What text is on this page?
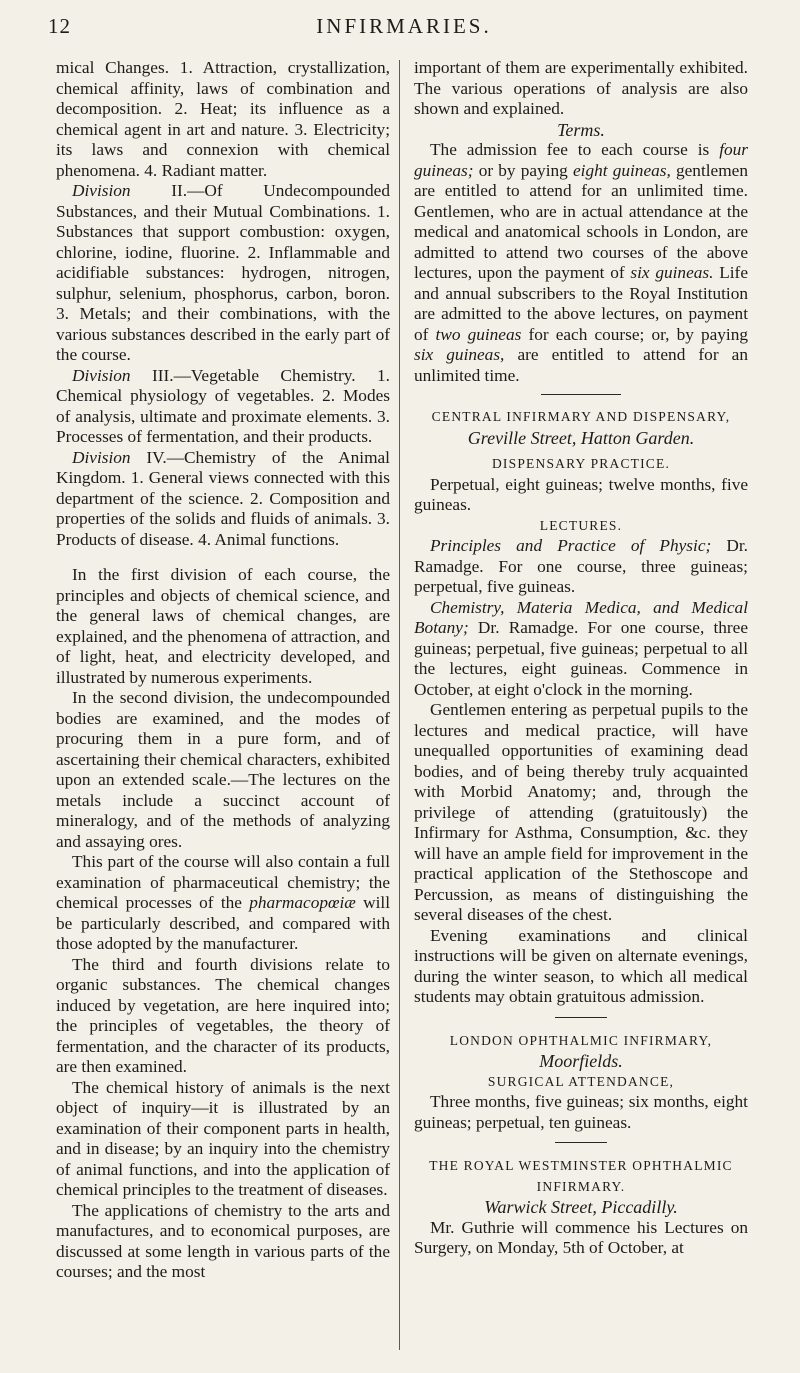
12	INFIRMARIES.

mical Changes. 1. Attraction, crystallization, chemical affinity, laws of combination and decomposition. 2. Heat; its influence as a chemical agent in art and nature. 3. Electricity; its laws and connexion with chemical phenomena. 4. Radiant matter.

Division II.—Of Undecompounded Substances, and their Mutual Combinations. 1. Substances that support combustion: oxygen, chlorine, iodine, fluorine. 2. Inflammable and acidifiable substances: hydrogen, nitrogen, sulphur, selenium, phosphorus, carbon, boron. 3. Metals; and their combinations, with the various substances described in the early part of the course.

Division III.—Vegetable Chemistry. 1. Chemical physiology of vegetables. 2. Modes of analysis, ultimate and proximate elements. 3. Processes of fermentation, and their products.

Division IV.—Chemistry of the Animal Kingdom. 1. General views connected with this department of the science. 2. Composition and properties of the solids and fluids of animals. 3. Products of disease. 4. Animal functions.

In the first division of each course, the principles and objects of chemical science, and the general laws of chemical changes, are explained, and the phenomena of attraction, and of light, heat, and electricity developed, and illustrated by numerous experiments.

In the second division, the undecompounded bodies are examined, and the modes of procuring them in a pure form, and of ascertaining their chemical characters, exhibited upon an extended scale.—The lectures on the metals include a succinct account of mineralogy, and of the methods of analyzing and assaying ores.

This part of the course will also contain a full examination of pharmaceutical chemistry; the chemical processes of the pharmacopœiæ will be particularly described, and compared with those adopted by the manufacturer.

The third and fourth divisions relate to organic substances. The chemical changes induced by vegetation, are here inquired into; the principles of vegetables, the theory of fermentation, and the character of its products, are then examined.

The chemical history of animals is the next object of inquiry—it is illustrated by an examination of their component parts in health, and in disease; by an inquiry into the chemistry of animal functions, and into the application of chemical principles to the treatment of diseases.

The applications of chemistry to the arts and manufactures, and to economical purposes, are discussed at some length in various parts of the courses; and the most

important of them are experimentally exhibited. The various operations of analysis are also shown and explained.

Terms.

The admission fee to each course is four guineas; or by paying eight guineas, gentlemen are entitled to attend for an unlimited time. Gentlemen, who are in actual attendance at the medical and anatomical schools in London, are admitted to attend two courses of the above lectures, upon the payment of six guineas. Life and annual subscribers to the Royal Institution are admitted to the above lectures, on payment of two guineas for each course; or, by paying six guineas, are entitled to attend for an unlimited time.

CENTRAL INFIRMARY AND DISPENSARY,

Greville Street, Hatton Garden.

DISPENSARY PRACTICE.

Perpetual, eight guineas; twelve months, five guineas.

LECTURES.

Principles and Practice of Physic; Dr. Ramadge. For one course, three guineas; perpetual, five guineas.

Chemistry, Materia Medica, and Medical Botany; Dr. Ramadge. For one course, three guineas; perpetual, five guineas; perpetual to all the lectures, eight guineas. Commence in October, at eight o'clock in the morning.

Gentlemen entering as perpetual pupils to the lectures and medical practice, will have unequalled opportunities of examining dead bodies, and of being thereby truly acquainted with Morbid Anatomy; and, through the privilege of attending (gratuitously) the Infirmary for Asthma, Consumption, &c. they will have an ample field for improvement in the practical application of the Stethoscope and Percussion, as means of distinguishing the several diseases of the chest.

Evening examinations and clinical instructions will be given on alternate evenings, during the winter season, to which all medical students may obtain gratuitous admission.

LONDON OPHTHALMIC INFIRMARY,

Moorfields.

SURGICAL ATTENDANCE,

Three months, five guineas; six months, eight guineas; perpetual, ten guineas.

THE ROYAL WESTMINSTER OPHTHALMIC INFIRMARY.

Warwick Street, Piccadilly.

Mr. Guthrie will commence his Lectures on Surgery, on Monday, 5th of October, at
